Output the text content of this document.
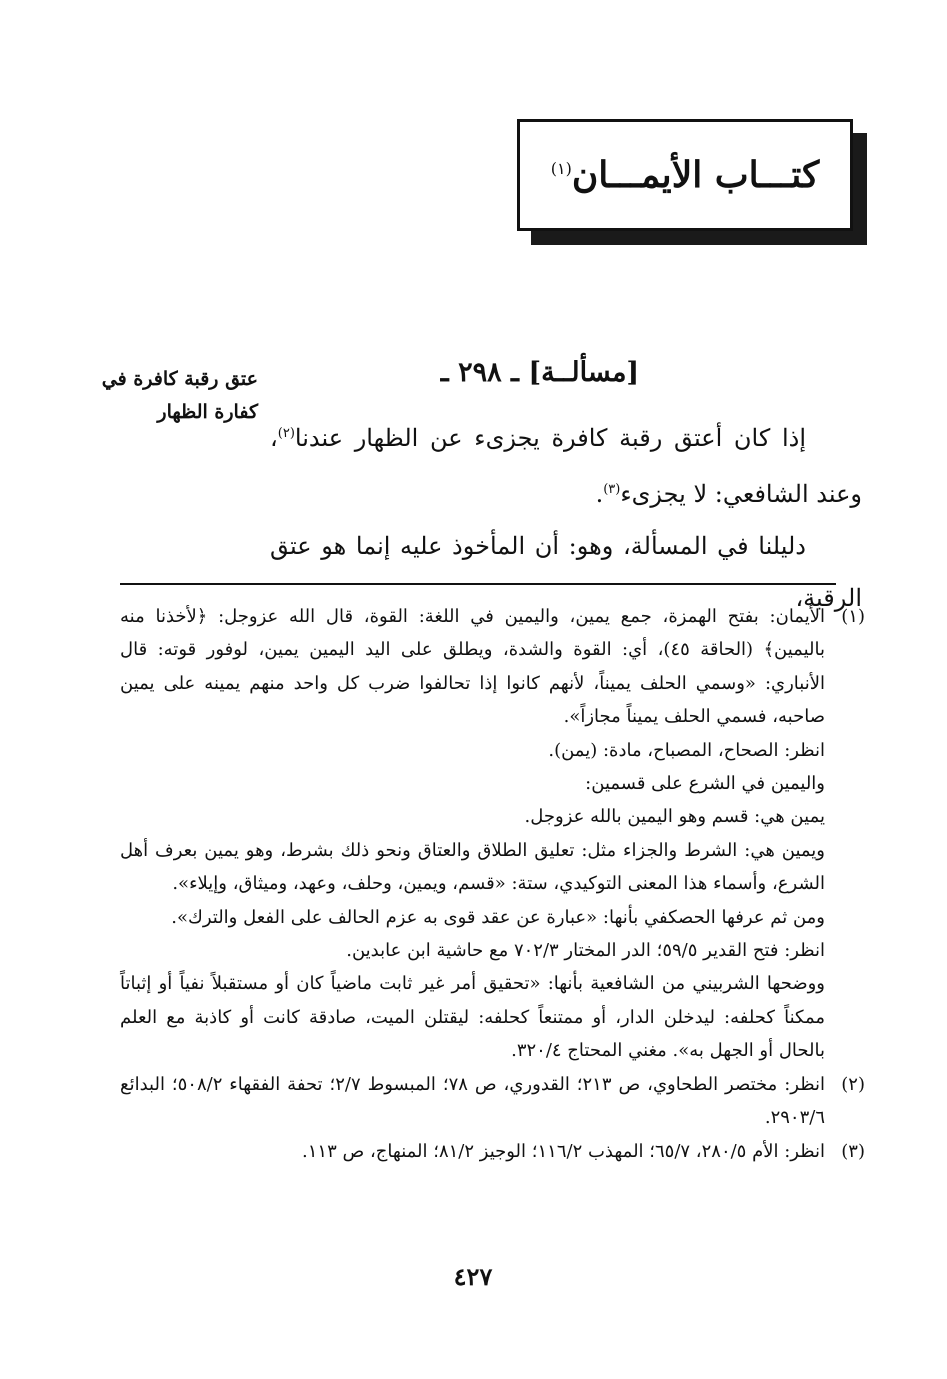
كتـــاب الأيمـــان$^{(١)}$
[مسألــة] ـ ٢٩٨ ـ
عتق رقبة كافرة في
كفارة الظهار

إذا كان أعتق رقبة كافرة يجزىء عن الظهار عندنا$^{(٢)}$، وعند الشافعي: لا يجزىء$^{(٣)}$.

دليلنا في المسألة، وهو: أن المأخوذ عليه إنما هو عتق الرقبة،

(١)
الأيمان: بفتح الهمزة، جمع يمين، واليمين في اللغة: القوة، قال الله عزوجل: ﴿لأخذنا منه باليمين﴾ (الحاقة ٤٥)، أي: القوة والشدة، ويطلق على اليد اليمين يمين، لوفور قوته: قال الأنباري: «وسمي الحلف يميناً، لأنهم كانوا إذا تحالفوا ضرب كل واحد منهم يمينه على يمين صاحبه، فسمي الحلف يميناً مجازاً».
انظر: الصحاح، المصباح، مادة: (يمن).
واليمين في الشرع على قسمين:
يمين هي: قسم وهو اليمين بالله عزوجل.
ويمين هي: الشرط والجزاء مثل: تعليق الطلاق والعتاق ونحو ذلك بشرط، وهو يمين بعرف أهل الشرع، وأسماء هذا المعنى التوكيدي، ستة: «قسم، ويمين، وحلف، وعهد، وميثاق، وإيلاء».
ومن ثم عرفها الحصكفي بأنها: «عبارة عن عقد قوى به عزم الحالف على الفعل والترك».
انظر: فتح القدير ٥٩/٥؛ الدر المختار ٧٠٢/٣ مع حاشية ابن عابدين.
ووضحها الشربيني من الشافعية بأنها: «تحقيق أمر غير ثابت ماضياً كان أو مستقبلاً نفياً أو إثباتاً ممكناً كحلفه: ليدخلن الدار، أو ممتنعاً كحلفه: ليقتلن الميت، صادقة كانت أو كاذبة مع العلم بالحال أو الجهل به». مغني المحتاج ٣٢٠/٤.
(٢)
انظر: مختصر الطحاوي، ص ٢١٣؛ القدوري، ص ٧٨؛ المبسوط ٢/٧؛ تحفة الفقهاء ٥٠٨/٢؛ البدائع ٢٩٠٣/٦.
(٣)
انظر: الأم ٢٨٠/٥، ٦٥/٧؛ المهذب ١١٦/٢؛ الوجيز ٨١/٢؛ المنهاج، ص ١١٣.
٤٢٧
